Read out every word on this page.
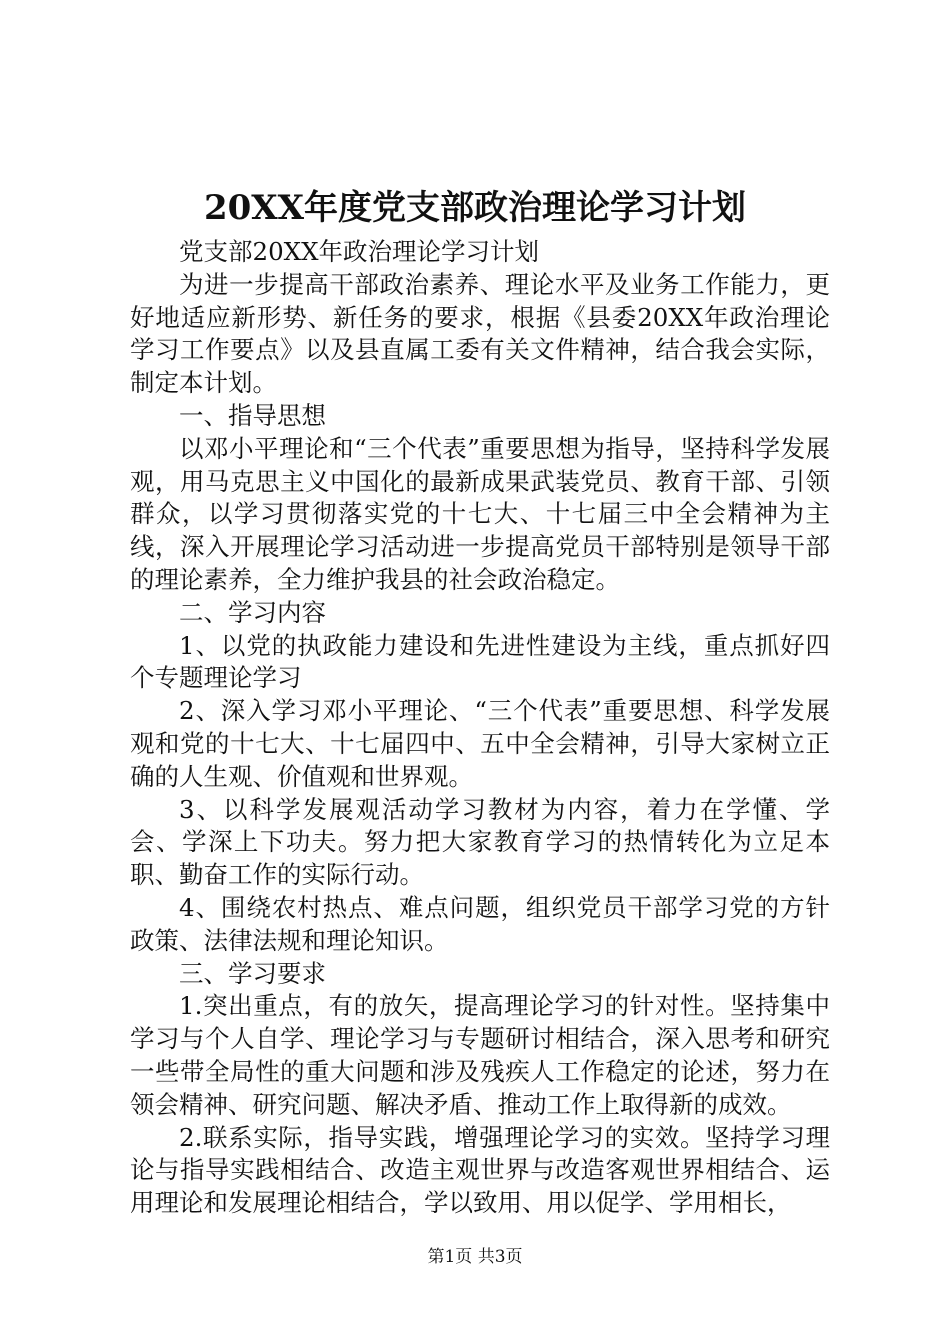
20XX年度党支部政治理论学习计划

党支部20XX年政治理论学习计划

为进一步提高干部政治素养、理论水平及业务工作能力，更好地适应新形势、新任务的要求，根据《县委20XX年政治理论学习工作要点》以及县直属工委有关文件精神，结合我会实际，制定本计划。

一、指导思想

以邓小平理论和“三个代表”重要思想为指导，坚持科学发展观，用马克思主义中国化的最新成果武装党员、教育干部、引领群众，以学习贯彻落实党的十七大、十七届三中全会精神为主线，深入开展理论学习活动进一步提高党员干部特别是领导干部的理论素养，全力维护我县的社会政治稳定。

二、学习内容

1、以党的执政能力建设和先进性建设为主线，重点抓好四个专题理论学习

2、深入学习邓小平理论、“三个代表”重要思想、科学发展观和党的十七大、十七届四中、五中全会精神，引导大家树立正确的人生观、价值观和世界观。

3、以科学发展观活动学习教材为内容，着力在学懂、学会、学深上下功夫。努力把大家教育学习的热情转化为立足本职、勤奋工作的实际行动。

4、围绕农村热点、难点问题，组织党员干部学习党的方针政策、法律法规和理论知识。

三、学习要求

1.突出重点，有的放矢，提高理论学习的针对性。坚持集中学习与个人自学、理论学习与专题研讨相结合，深入思考和研究一些带全局性的重大问题和涉及残疾人工作稳定的论述，努力在领会精神、研究问题、解决矛盾、推动工作上取得新的成效。

2.联系实际，指导实践，增强理论学习的实效。坚持学习理论与指导实践相结合、改造主观世界与改造客观世界相结合、运用理论和发展理论相结合，学以致用、用以促学、学用相长，

第1页 共3页
